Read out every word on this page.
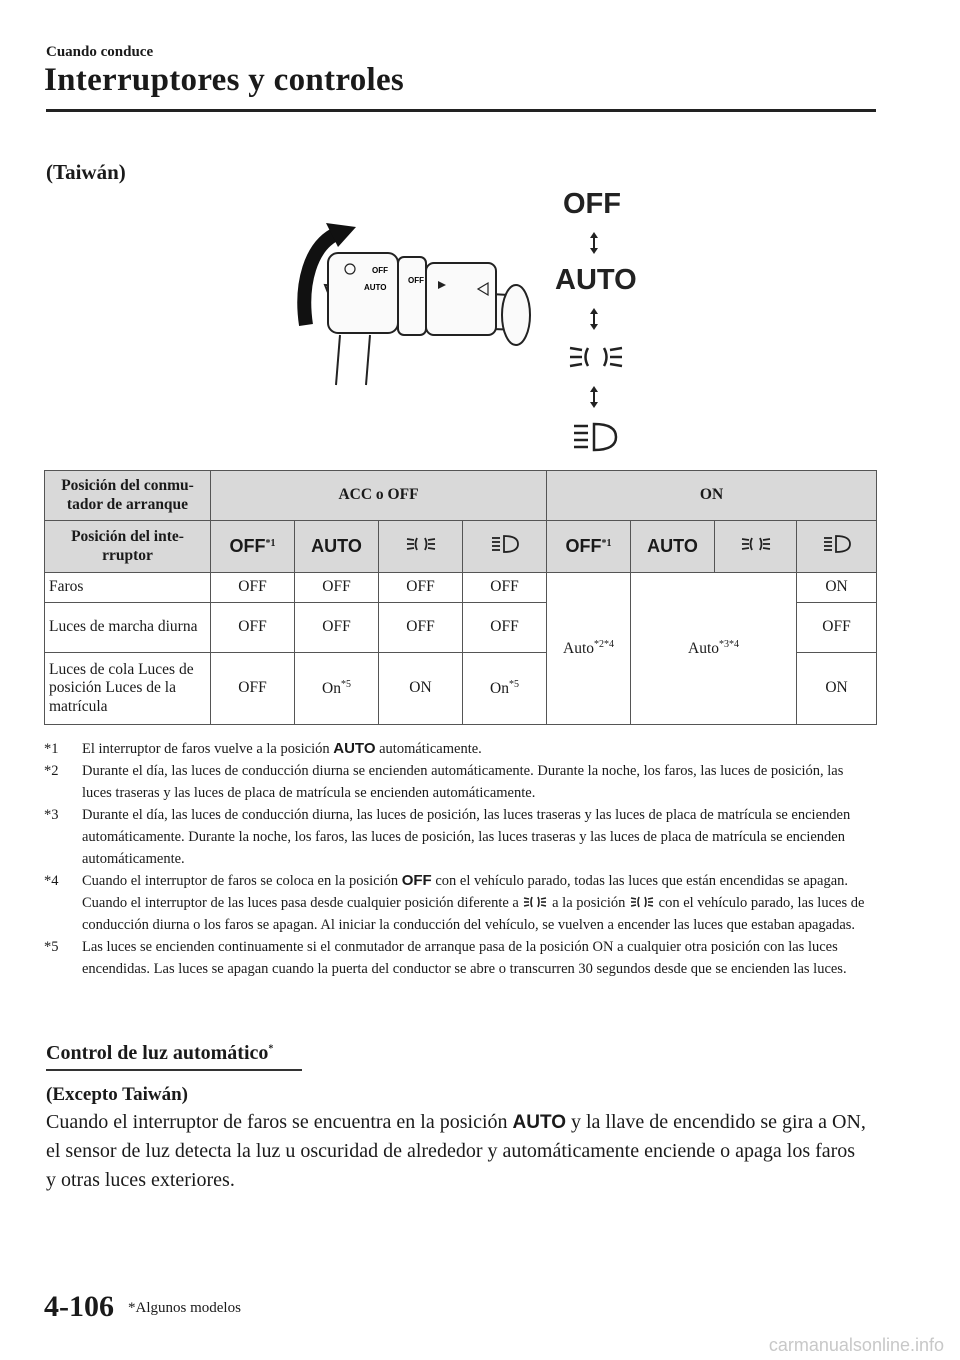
Cuando conduce
Interruptores y controles
(Taiwán)
OFF
AUTO
OFF
OFF
AUTO
Posición del conmu-tador de arranque	ACC o OFF				ON			
Posición del inte-rruptor	OFF$^{*1}$	AUTO			OFF$^{*1}$	AUTO		
Faros	OFF	OFF	OFF	OFF	Auto$^{*2*4}$	Auto$^{*3*4}$		ON
Luces de marcha diurna	OFF	OFF	OFF	OFF				OFF
Luces de cola Luces de posición Luces de la matrícula	OFF	On$^{*5}$	ON	On$^{*5}$				ON
*1 El interruptor de faros vuelve a la posición AUTO automáticamente.
*2 Durante el día, las luces de conducción diurna se encienden automáticamente. Durante la noche, los faros, las luces de posición, las luces traseras y las luces de placa de matrícula se encienden automáticamente.
*3 Durante el día, las luces de conducción diurna, las luces de posición, las luces traseras y las luces de placa de matrícula se encienden automáticamente. Durante la noche, los faros, las luces de posición, las luces traseras y las luces de placa de matrícula se encienden automáticamente.
*4 Cuando el interruptor de faros se coloca en la posición OFF con el vehículo parado, todas las luces que están encendidas se apagan. Cuando el interruptor de las luces pasa desde cualquier posición diferente a a la posición con el vehículo parado, las luces de conducción diurna o los faros se apagan. Al iniciar la conducción del vehículo, se vuelven a encender las luces que estaban apagadas.
*5 Las luces se encienden continuamente si el conmutador de arranque pasa de la posición ON a cualquier otra posición con las luces encendidas. Las luces se apagan cuando la puerta del conductor se abre o transcurren 30 segundos desde que se encienden las luces.
Control de luz automático*
(Excepto Taiwán)
Cuando el interruptor de faros se encuentra en la posición AUTO y la llave de encendido se gira a ON, el sensor de luz detecta la luz u oscuridad de alrededor y automáticamente enciende o apaga los faros y otras luces exteriores.
4-106 *Algunos modelos
carmanualsonline.info
